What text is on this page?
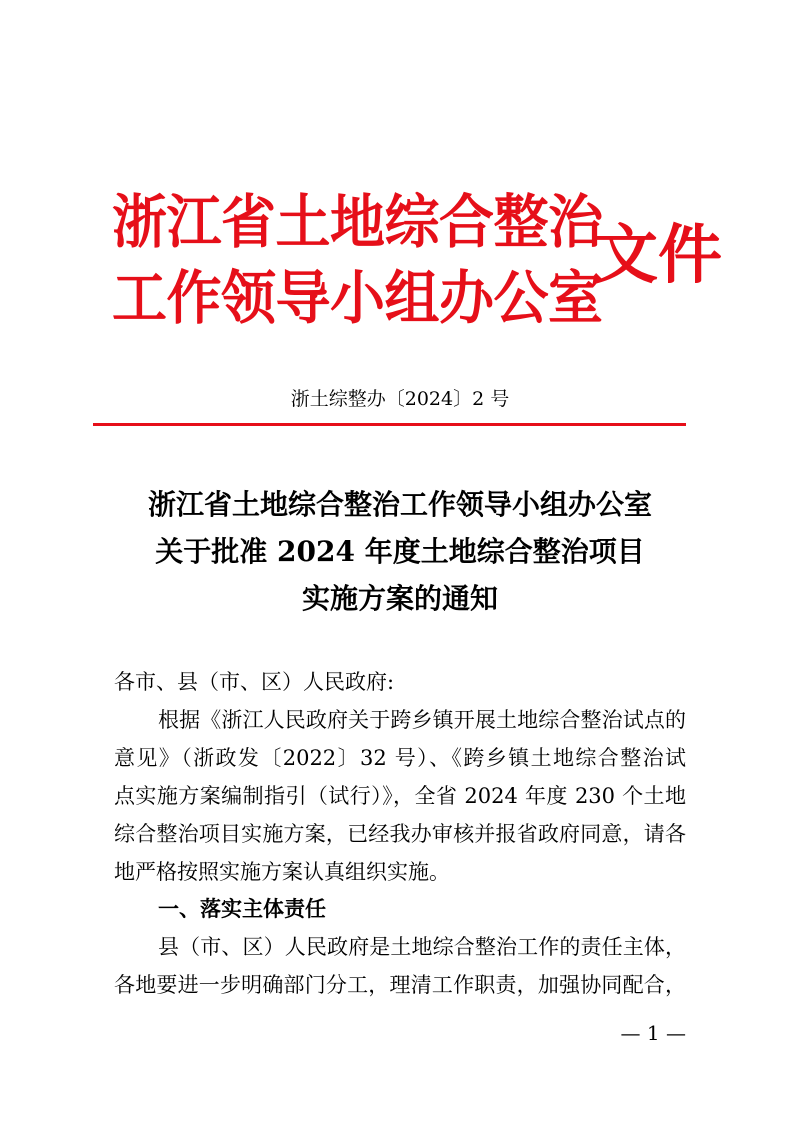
浙江省土地综合整治
工作领导小组办公室
文件
浙土综整办〔2024〕2 号
浙江省土地综合整治工作领导小组办公室
关于批准 2024 年度土地综合整治项目
实施方案的通知
各市、县（市、区）人民政府:
根据《浙江人民政府关于跨乡镇开展土地综合整治试点的
意见》（浙政发〔2022〕32 号）、《跨乡镇土地综合整治试
点实施方案编制指引（试行）》，全省 2024 年度 230 个土地
综合整治项目实施方案，已经我办审核并报省政府同意，请各
地严格按照实施方案认真组织实施。
一、落实主体责任
县（市、区）人民政府是土地综合整治工作的责任主体，
各地要进一步明确部门分工，理清工作职责，加强协同配合，
— 1 —
